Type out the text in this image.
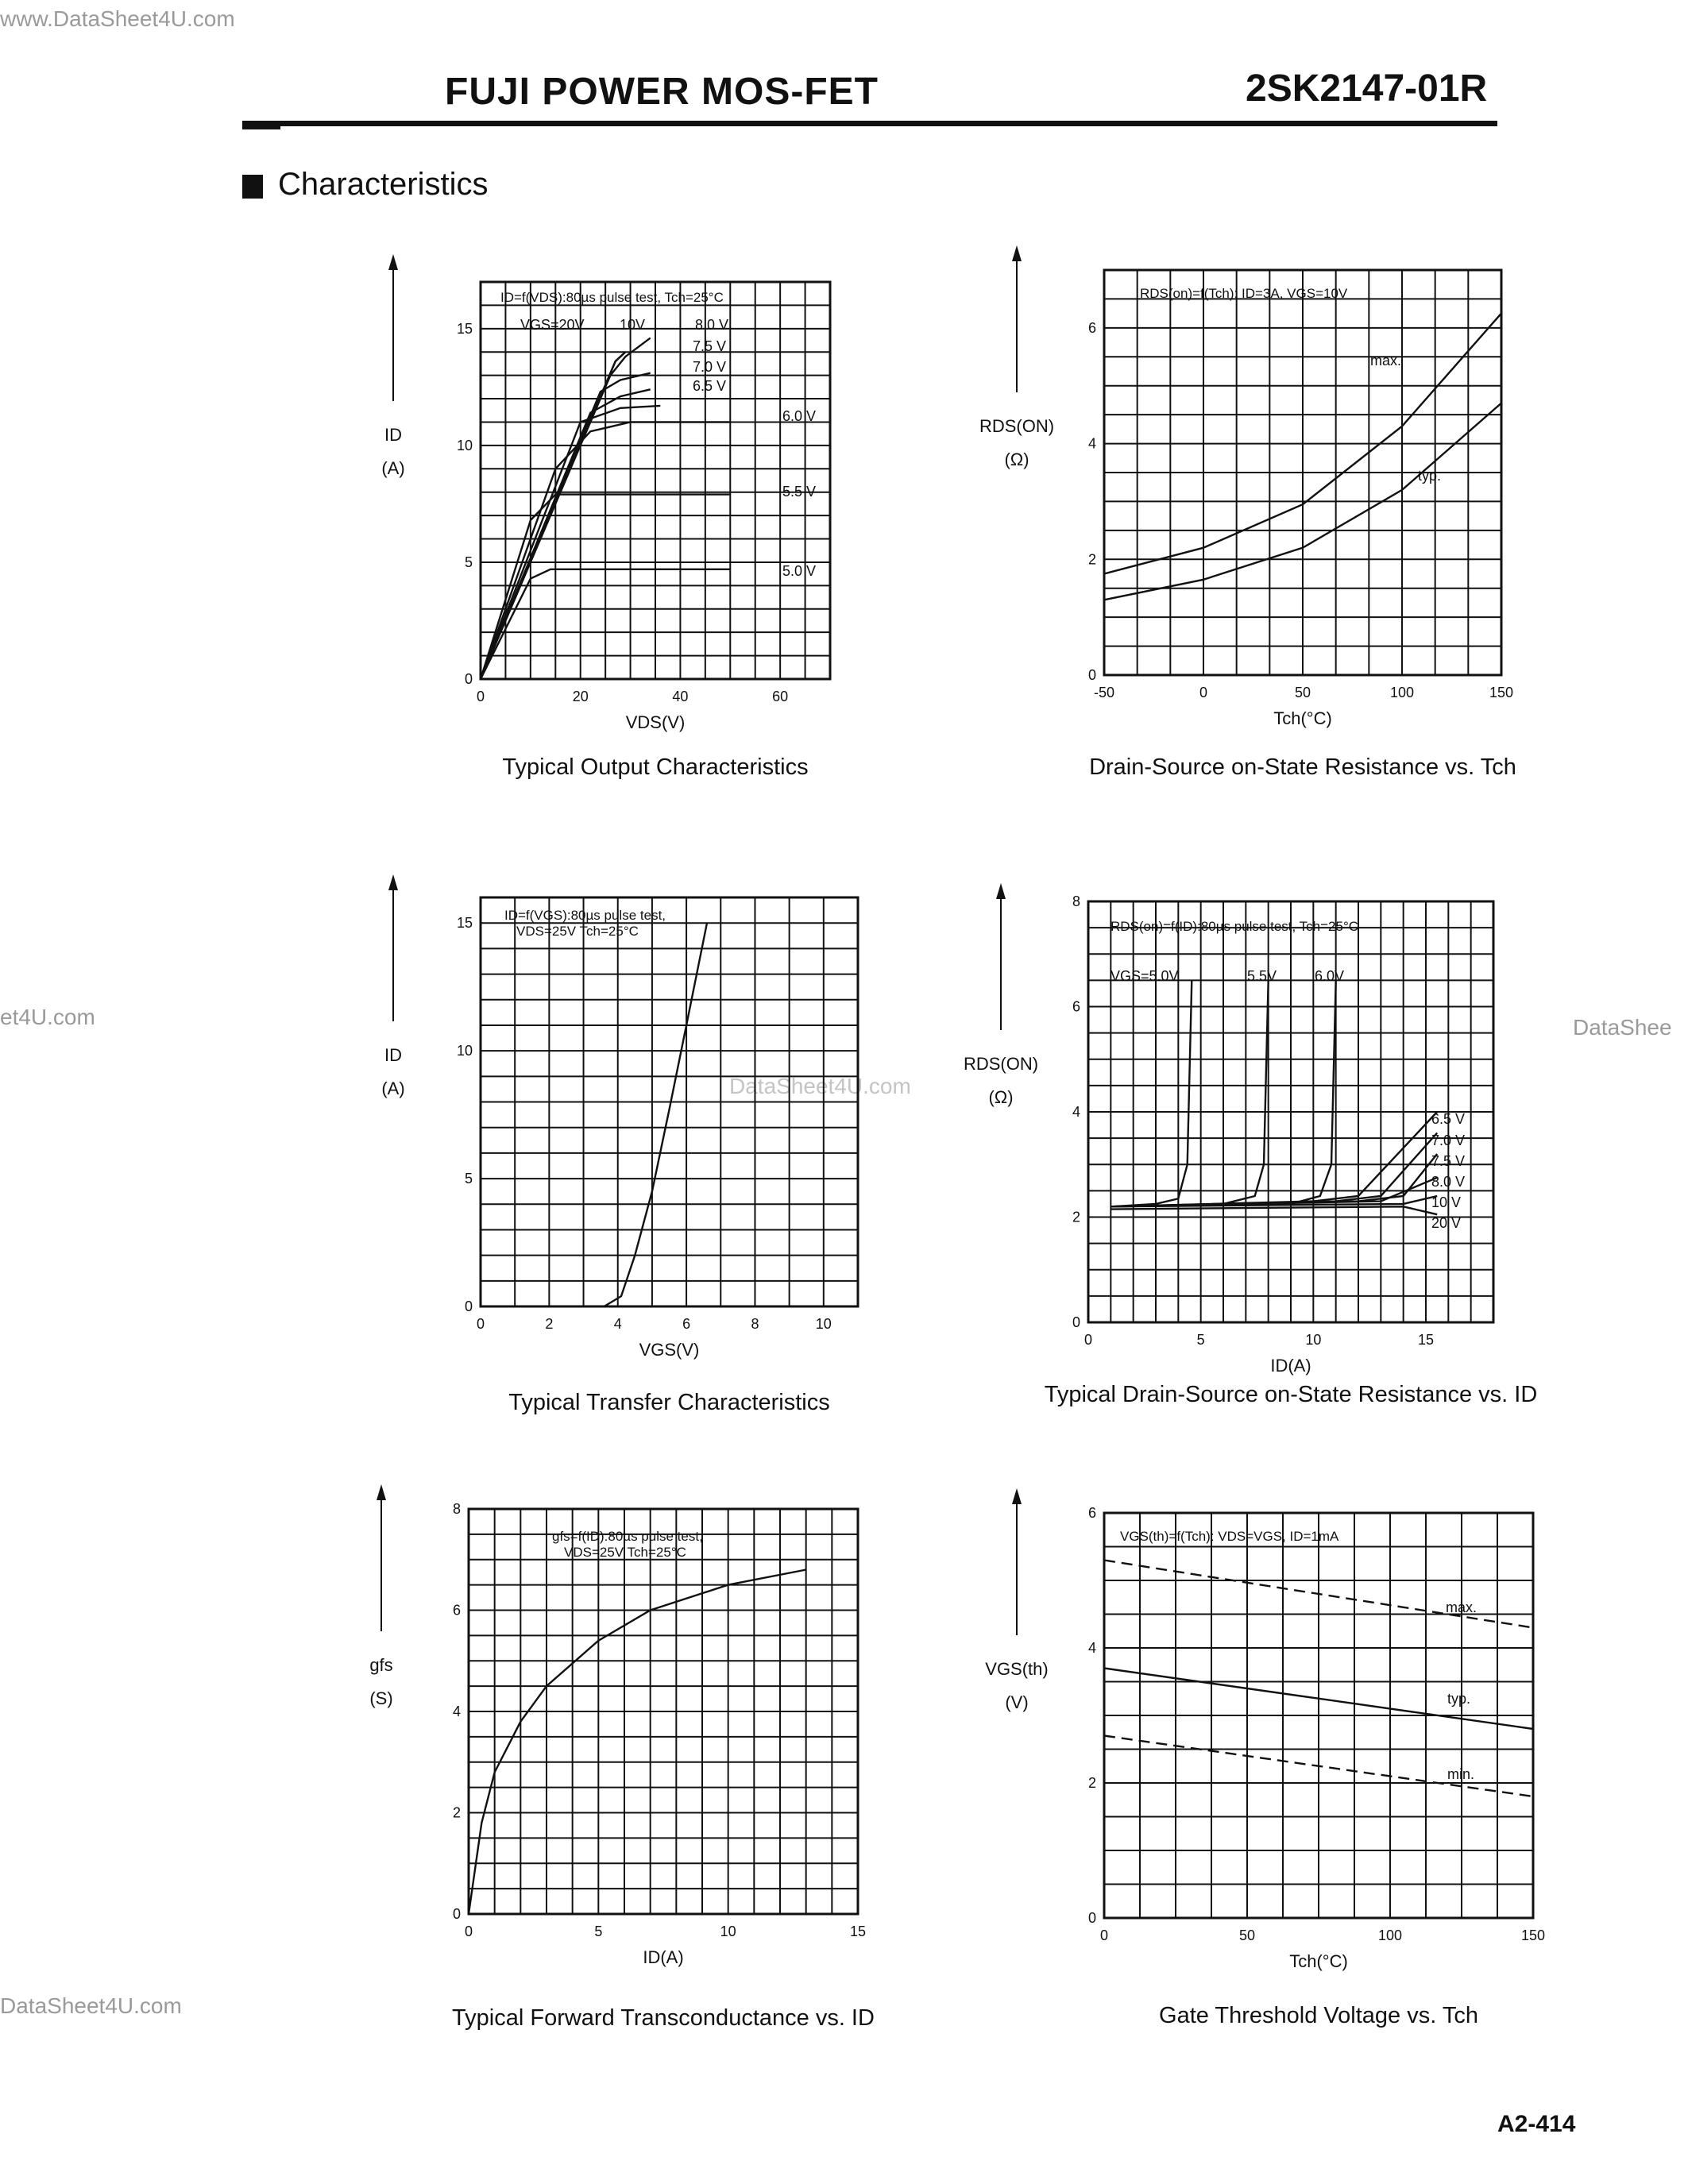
www.DataSheet4U.com
et4U.com	DataShee
DataSheet4U.com
DataSheet4U.com
FUJI POWER MOS-FET	2SK2147-01R
Characteristics
A2-414
0	20	40	60
0
5
10
15
VDS(V)
ID
(A)
ID=f(VDS):80µs pulse test, Tch=25°C
VGS=20V 10V	8.0 V
7.5 V
7.0 V
6.5 V
6.0 V
5.5 V
5.0 V
Typical Output Characteristics
-50	0	50	100	150
0
2
4
6
Tch(°C)
RDS(ON)
(Ω)
RDS(on)=f(Tch): ID=3A, VGS=10V
max.
typ.
Drain-Source on-State Resistance vs. Tch
0	2	4	6	8	10
0
5
10
15
VGS(V)
ID
(A)
ID=f(VGS):80µs pulse test, VDS=25V Tch=25°C
Typical Transfer Characteristics
0	5	10	15
0
2
4
6
8
ID(A)
RDS(ON)
(Ω)
RDS(on)=f(ID):80µs pulse test, Tch=25°C
VGS=5.0V	5.5V	6.0V
6.5 V
7.0 V
7.5 V
8.0 V
10 V
20 V
Typical Drain-Source on-State Resistance vs. ID
0	5	10	15
0
2
4
6
8
ID(A)
gfs
(S)
gfs=f(ID):80µs pulse test, VDS=25V Tch=25°C
Typical Forward Transconductance vs. ID
0	50	100	150
0
2
4
6
Tch(°C)
VGS(th)
(V)
VGS(th)=f(Tch): VDS=VGS, ID=1mA
max.
typ.
min.
Gate Threshold Voltage vs. Tch
